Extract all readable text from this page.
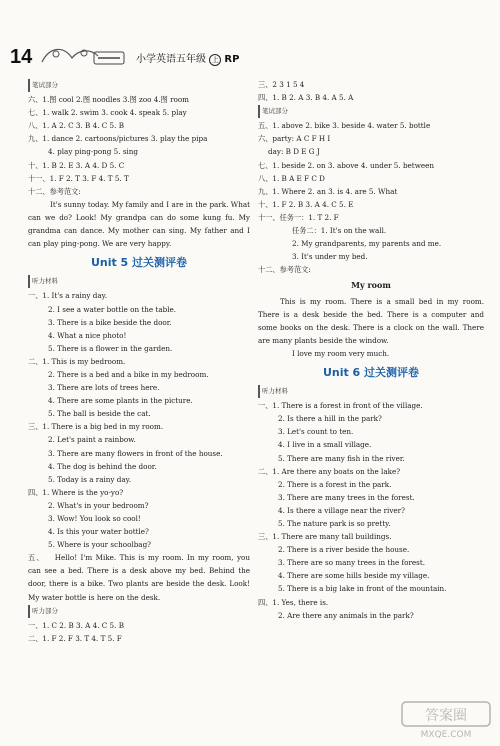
14	小学英语五年级 上 RP
笔试部分
六、1.图 cool 2.图 noodles 3.图 zoo 4.图 room
七、1. walk 2. swim 3. cook 4. speak 5. play
八、1. A 2. C 3. B 4. C 5. B
九、1. dance 2. cartoons/pictures 3. play the pipa
4. play ping-pong 5. sing
十、1. B 2. E 3. A 4. D 5. C
十一、1. F 2. T 3. F 4. T 5. T
十二、参考范文:
It's sunny today. My family and I are in the park. What can we do? Look! My grandpa can do some kung fu. My grandma can dance. My mother can sing. My father and I can play ping-pong. We are very happy.
Unit 5 过关测评卷
听力材料
一、1. It's a rainy day.
2. I see a water bottle on the table.
3. There is a bike beside the door.
4. What a nice photo!
5. There is a flower in the garden.
二、1. This is my bedroom.
2. There is a bed and a bike in my bedroom.
3. There are lots of trees here.
4. There are some plants in the picture.
5. The ball is beside the cat.
三、1. There is a big bed in my room.
2. Let's paint a rainbow.
3. There are many flowers in front of the house.
4. The dog is behind the door.
5. Today is a rainy day.
四、1. Where is the yo-yo?
2. What's in your bedroom?
3. Wow! You look so cool!
4. Is this your water bottle?
5. Where is your schoolbag?
五、 Hello! I'm Mike. This is my room. In my room, you can see a bed. There is a desk above my bed. Behind the door, there is a bike. Two plants are beside the desk. Look! My water bottle is here on the desk.
听力部分
一、1. C 2. B 3. A 4. C 5. B
二、1. F 2. F 3. T 4. T 5. F
三、2 3 1 5 4
四、1. B 2. A 3. B 4. A 5. A
笔试部分
五、1. above 2. bike 3. beside 4. water 5. bottle
六、party: A C F H I
day: B D E G J
七、1. beside 2. on 3. above 4. under 5. between
八、1. B A E F C D
九、1. Where 2. an 3. is 4. are 5. What
十、1. F 2. B 3. A 4. C 5. E
十一、任务一：1. T 2. F
任务二：1. It's on the wall.
2. My grandparents, my parents and me.
3. It's under my bed.
十二、参考范文:
My room
This is my room. There is a small bed in my room. There is a desk beside the bed. There is a computer and some books on the desk. There is a clock on the wall. There are many plants beside the window.
I love my room very much.
Unit 6 过关测评卷
听力材料
一、1. There is a forest in front of the village.
2. Is there a hill in the park?
3. Let's count to ten.
4. I live in a small village.
5. There are many fish in the river.
二、1. Are there any boats on the lake?
2. There is a forest in the park.
3. There are many trees in the forest.
4. Is there a village near the river?
5. The nature park is so pretty.
三、1. There are many tall buildings.
2. There is a river beside the house.
3. There are so many trees in the forest.
4. There are some hills beside my village.
5. There is a big lake in front of the mountain.
四、1. Yes, there is.
2. Are there any animals in the park?
答案圈
MXQE.COM
